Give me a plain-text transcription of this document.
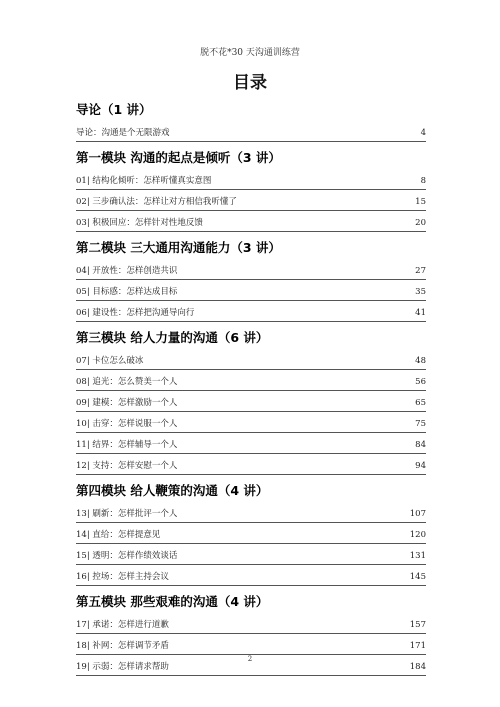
脱不花*30 天沟通训练营
目录
导论（1 讲）
导论：沟通是个无限游戏	4
第一模块 沟通的起点是倾听（3 讲）
01| 结构化倾听：怎样听懂真实意图	8
02| 三步确认法：怎样让对方相信我听懂了	15
03| 积极回应：怎样针对性地反馈	20
第二模块 三大通用沟通能力（3 讲）
04| 开放性：怎样创造共识	27
05| 目标感：怎样达成目标	35
06| 建设性：怎样把沟通导向行	41
第三模块 给人力量的沟通（6 讲）
07| 卡位怎么破冰	48
08| 追光：怎么赞美一个人	56
09| 建模：怎样激励一个人	65
10| 击穿：怎样说服一个人	75
11| 结界：怎样辅导一个人	84
12| 支持：怎样安慰一个人	94
第四模块 给人鞭策的沟通（4 讲）
13| 刷新：怎样批评一个人	107
14| 直给：怎样提意见	120
15| 透明：怎样作绩效谈话	131
16| 控场：怎样主持会议	145
第五模块 那些艰难的沟通（4 讲）
17| 承诺：怎样进行道歉	157
18| 补网：怎样调节矛盾	171
19| 示弱：怎样请求帮助	184
2
